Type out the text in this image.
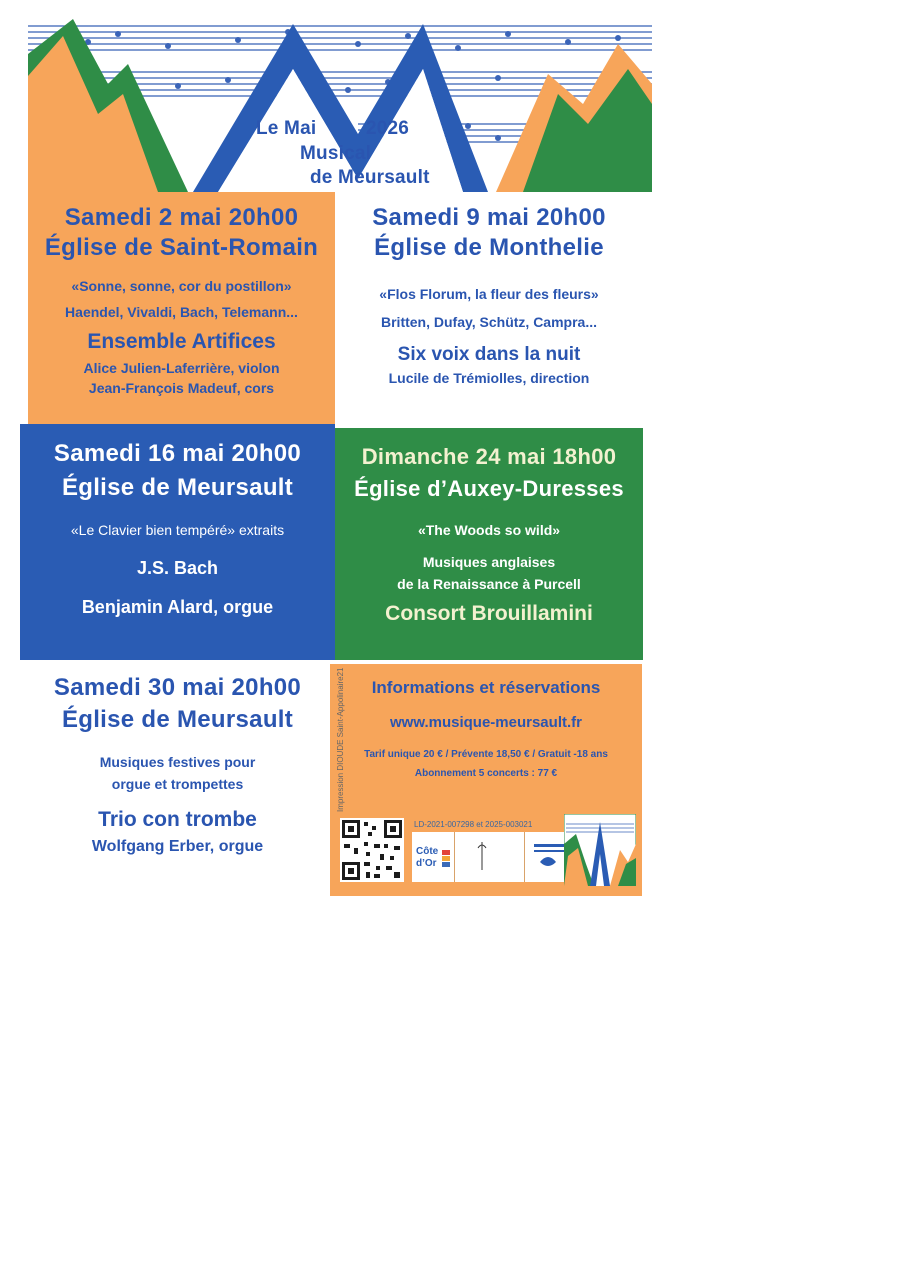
Le Mai	2026
Musical
de Meursault
Samedi 2 mai 20h00
Église de Saint-Romain
«Sonne, sonne, cor du postillon»
Haendel, Vivaldi, Bach, Telemann...
Ensemble Artifices
Alice Julien-Laferrière, violon
Jean-François Madeuf, cors
Samedi 9 mai 20h00
Église de Monthelie
«Flos Florum, la fleur des fleurs»
Britten, Dufay, Schütz, Campra...
Six voix dans la nuit
Lucile de Trémiolles, direction
Samedi 16 mai 20h00
Église de Meursault
«Le Clavier bien tempéré» extraits
J.S. Bach
Benjamin Alard, orgue
Dimanche 24 mai 18h00
Église d’Auxey-Duresses
«The Woods so wild»
Musiques anglaises
de la Renaissance à Purcell
Consort Brouillamini
Samedi 30 mai 20h00
Église de Meursault
Musiques festives pour
orgue et trompettes
Trio con trombe
Wolfgang Erber, orgue
Informations et réservations
www.musique-meursault.fr
Tarif unique 20 € / Prévente 18,50 € / Gratuit -18 ans
Abonnement 5 concerts : 77 €
LD-2021-007298 et 2025-003021
Côte
d’Or
Impression DIOUDE Saint-Appolinaire21
